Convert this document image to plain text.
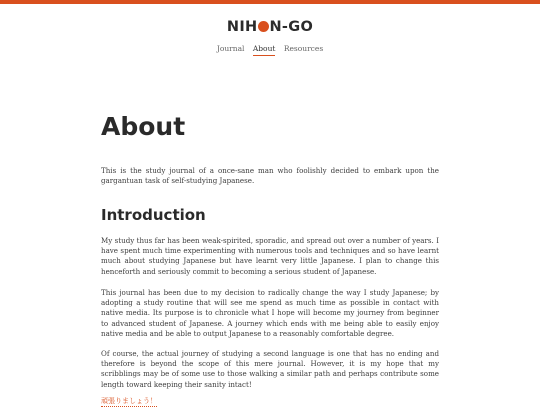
NIH N-GO
Journal About Resources
About

This is the study journal of a once-sane man who foolishly decided to embark upon the gargantuan task of self-studying Japanese.

Introduction

My study thus far has been weak-spirited, sporadic, and spread out over a number of years. I have spent much time experimenting with numerous tools and techniques and so have learnt much about studying Japanese but have learnt very little Japanese. I plan to change this henceforth and seriously commit to becoming a serious student of Japanese.

This journal has been due to my decision to radically change the way I study Japanese; by adopting a study routine that will see me spend as much time as possible in contact with native media. Its purpose is to chronicle what I hope will become my journey from beginner to advanced student of Japanese. A journey which ends with me being able to easily enjoy native media and be able to output Japanese to a reasonably comfortable degree.

Of course, the actual journey of studying a second language is one that has no ending and therefore is beyond the scope of this mere journal. However, it is my hope that my scribblings may be of some use to those walking a similar path and perhaps contribute some length toward keeping their sanity intact!

頑張りましょう！
